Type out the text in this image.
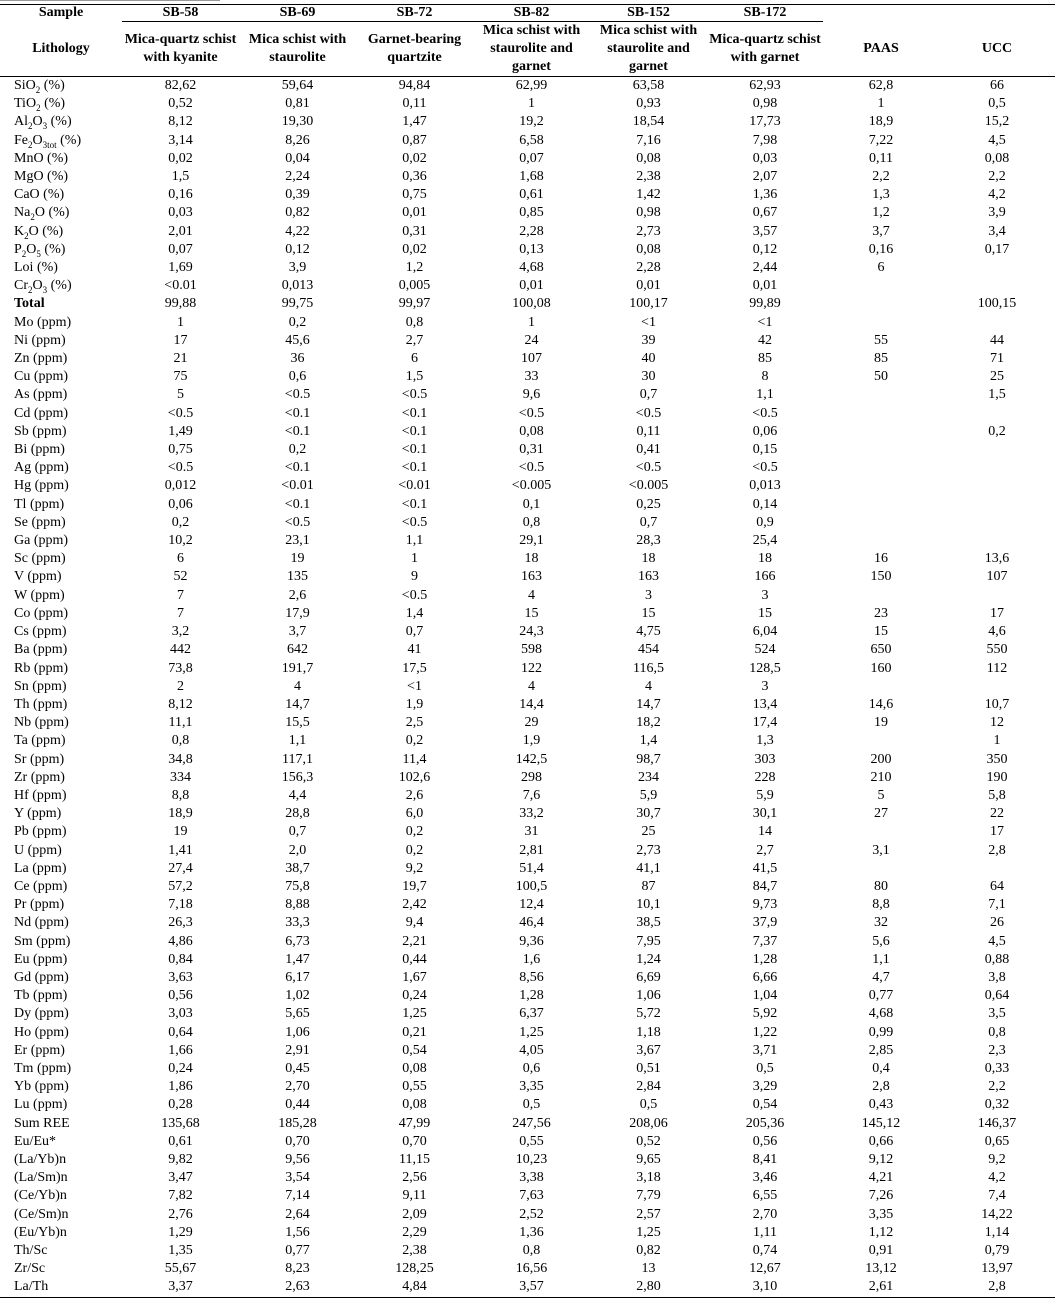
Sample	SB-58	SB-69	SB-72	SB-82	SB-152	SB-172		
Lithology	Mica-quartz schist with kyanite	Mica schist with staurolite	Garnet-bearing quartzite	Mica schist with staurolite and garnet	Mica schist with staurolite and garnet	Mica-quartz schist with garnet	PAAS	UCC
SiO$_2$ (%)	82,62	59,64	94,84	62,99	63,58	62,93	62,8	66
TiO$_2$ (%)	0,52	0,81	0,11	1	0,93	0,98	1	0,5
$Al_2O_3$ (%)	8,12	19,30	1,47	19,2	18,54	17,73	18,9	15,2
$Fe_2O_{3tot}$ (%)	3,14	8,26	0,87	6,58	7,16	7,98	7,22	4,5
MnO (%)	0,02	0,04	0,02	0,07	0,08	0,03	0,11	0,08
MgO (%)	1,5	2,24	0,36	1,68	2,38	2,07	2,2	2,2
CaO (%)	0,16	0,39	0,75	0,61	1,42	1,36	1,3	4,2
$Na_2O$ (%)	0,03	0,82	0,01	0,85	0,98	0,67	1,2	3,9
$K_2O$ (%)	2,01	4,22	0,31	2,28	2,73	3,57	3,7	3,4
$P_2O_5$ (%)	0,07	0,12	0,02	0,13	0,08	0,12	0,16	0,17
Loi (%)	1,69	3,9	1,2	4,68	2,28	2,44	6	
$Cr_2O_3$ (%)	<0.01	0,013	0,005	0,01	0,01	0,01		
Total	99,88	99,75	99,97	100,08	100,17	99,89		100,15
Mo (ppm)	1	0,2	0,8	1	<1	<1		
Ni (ppm)	17	45,6	2,7	24	39	42	55	44
Zn (ppm)	21	36	6	107	40	85	85	71
Cu (ppm)	75	0,6	1,5	33	30	8	50	25
As (ppm)	5	<0.5	<0.5	9,6	0,7	1,1		1,5
Cd (ppm)	<0.5	<0.1	<0.1	<0.5	<0.5	<0.5		
Sb (ppm)	1,49	<0.1	<0.1	0,08	0,11	0,06		0,2
Bi (ppm)	0,75	0,2	<0.1	0,31	0,41	0,15		
Ag (ppm)	<0.5	<0.1	<0.1	<0.5	<0.5	<0.5		
Hg (ppm)	0,012	<0.01	<0.01	<0.005	<0.005	0,013		
Tl (ppm)	0,06	<0.1	<0.1	0,1	0,25	0,14		
Se (ppm)	0,2	<0.5	<0.5	0,8	0,7	0,9		
Ga (ppm)	10,2	23,1	1,1	29,1	28,3	25,4		
Sc (ppm)	6	19	1	18	18	18	16	13,6
V (ppm)	52	135	9	163	163	166	150	107
W (ppm)	7	2,6	<0.5	4	3	3		
Co (ppm)	7	17,9	1,4	15	15	15	23	17
Cs (ppm)	3,2	3,7	0,7	24,3	4,75	6,04	15	4,6
Ba (ppm)	442	642	41	598	454	524	650	550
Rb (ppm)	73,8	191,7	17,5	122	116,5	128,5	160	112
Sn (ppm)	2	4	<1	4	4	3		
Th (ppm)	8,12	14,7	1,9	14,4	14,7	13,4	14,6	10,7
Nb (ppm)	11,1	15,5	2,5	29	18,2	17,4	19	12
Ta (ppm)	0,8	1,1	0,2	1,9	1,4	1,3		1
Sr (ppm)	34,8	117,1	11,4	142,5	98,7	303	200	350
Zr (ppm)	334	156,3	102,6	298	234	228	210	190
Hf (ppm)	8,8	4,4	2,6	7,6	5,9	5,9	5	5,8
Y (ppm)	18,9	28,8	6,0	33,2	30,7	30,1	27	22
Pb (ppm)	19	0,7	0,2	31	25	14		17
U (ppm)	1,41	2,0	0,2	2,81	2,73	2,7	3,1	2,8
La (ppm)	27,4	38,7	9,2	51,4	41,1	41,5		
Ce (ppm)	57,2	75,8	19,7	100,5	87	84,7	80	64
Pr (ppm)	7,18	8,88	2,42	12,4	10,1	9,73	8,8	7,1
Nd (ppm)	26,3	33,3	9,4	46,4	38,5	37,9	32	26
Sm (ppm)	4,86	6,73	2,21	9,36	7,95	7,37	5,6	4,5
Eu (ppm)	0,84	1,47	0,44	1,6	1,24	1,28	1,1	0,88
Gd (ppm)	3,63	6,17	1,67	8,56	6,69	6,66	4,7	3,8
Tb (ppm)	0,56	1,02	0,24	1,28	1,06	1,04	0,77	0,64
Dy (ppm)	3,03	5,65	1,25	6,37	5,72	5,92	4,68	3,5
Ho (ppm)	0,64	1,06	0,21	1,25	1,18	1,22	0,99	0,8
Er (ppm)	1,66	2,91	0,54	4,05	3,67	3,71	2,85	2,3
Tm (ppm)	0,24	0,45	0,08	0,6	0,51	0,5	0,4	0,33
Yb (ppm)	1,86	2,70	0,55	3,35	2,84	3,29	2,8	2,2
Lu (ppm)	0,28	0,44	0,08	0,5	0,5	0,54	0,43	0,32
Sum REE	135,68	185,28	47,99	247,56	208,06	205,36	145,12	146,37
Eu/Eu*	0,61	0,70	0,70	0,55	0,52	0,56	0,66	0,65
(La/Yb)n	9,82	9,56	11,15	10,23	9,65	8,41	9,12	9,2
(La/Sm)n	3,47	3,54	2,56	3,38	3,18	3,46	4,21	4,2
(Ce/Yb)n	7,82	7,14	9,11	7,63	7,79	6,55	7,26	7,4
(Ce/Sm)n	2,76	2,64	2,09	2,52	2,57	2,70	3,35	14,22
(Eu/Yb)n	1,29	1,56	2,29	1,36	1,25	1,11	1,12	1,14
Th/Sc	1,35	0,77	2,38	0,8	0,82	0,74	0,91	0,79
Zr/Sc	55,67	8,23	128,25	16,56	13	12,67	13,12	13,97
La/Th	3,37	2,63	4,84	3,57	2,80	3,10	2,61	2,8
